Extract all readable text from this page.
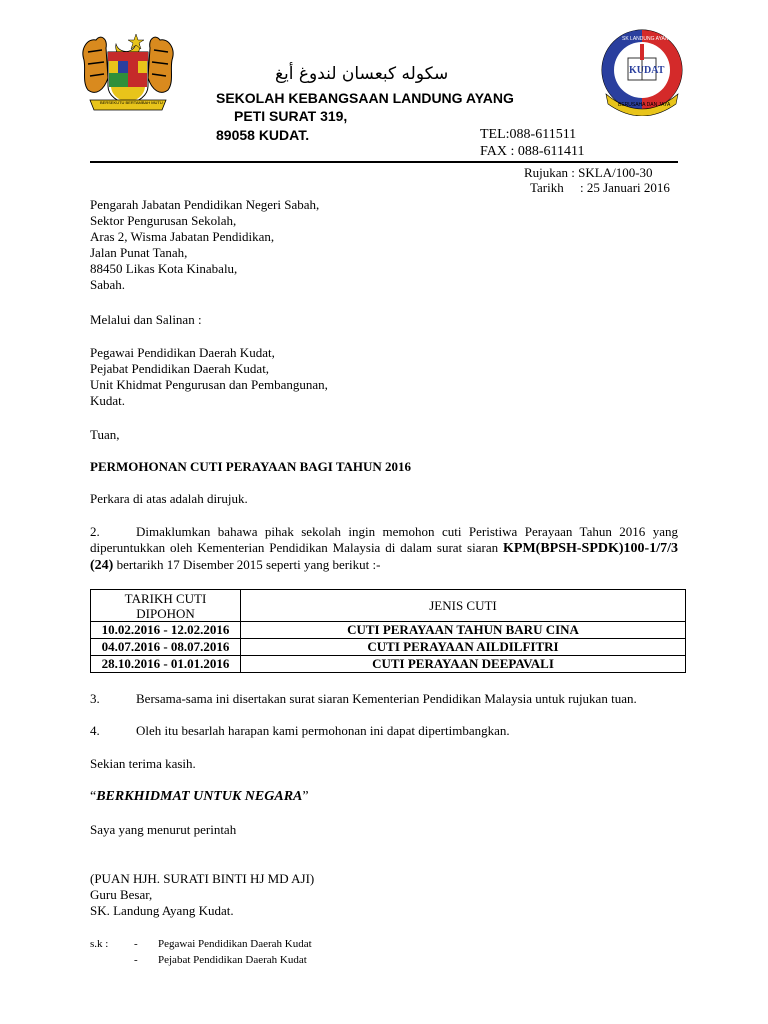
BERSEKUTU BERTAMBAH MUTU
SK LANDUNG AYANG
KUDAT
BERUSAHA DAN JAYA
سكوله كبعسان لندوغ أيغ
SEKOLAH KEBANGSAAN LANDUNG AYANG
PETI SURAT 319,
89058 KUDAT.	TEL:088-611511
FAX : 088-611411
Rujukan : SKLA/100-30
Tarikh     : 25 Januari 2016
Pengarah Jabatan Pendidikan Negeri Sabah,
Sektor Pengurusan Sekolah,
Aras 2, Wisma Jabatan Pendidikan,
Jalan Punat Tanah,
88450 Likas Kota Kinabalu,
Sabah.
Melalui dan Salinan :
Pegawai Pendidikan Daerah Kudat,
Pejabat Pendidikan Daerah Kudat,
Unit Khidmat Pengurusan dan Pembangunan,
Kudat.
Tuan,
PERMOHONAN CUTI PERAYAAN BAGI TAHUN 2016
Perkara di atas adalah dirujuk.
2.	Dimaklumkan bahawa pihak sekolah ingin memohon cuti Peristiwa Perayaan Tahun 2016 yang diperuntukkan oleh Kementerian Pendidikan Malaysia di dalam surat siaran KPM(BPSH-SPDK)100-1/7/3 (24) bertarikh 17 Disember 2015 seperti yang berikut :-
TARIKH CUTI DIPOHON	JENIS CUTI
10.02.2016 - 12.02.2016	CUTI PERAYAAN TAHUN BARU CINA
04.07.2016 - 08.07.2016	CUTI PERAYAAN AILDILFITRI
28.10.2016 - 01.01.2016	CUTI PERAYAAN DEEPAVALI
3.	Bersama-sama ini disertakan surat siaran Kementerian Pendidikan Malaysia untuk rujukan tuan.
4.	Oleh itu besarlah harapan kami permohonan ini dapat dipertimbangkan.
Sekian terima kasih.
“BERKHIDMAT UNTUK NEGARA”
Saya yang menurut perintah
(PUAN HJH. SURATI BINTI HJ MD AJI)
Guru Besar,
SK. Landung Ayang Kudat.
s.k : - Pegawai Pendidikan Daerah Kudat
- Pejabat Pendidikan Daerah Kudat
